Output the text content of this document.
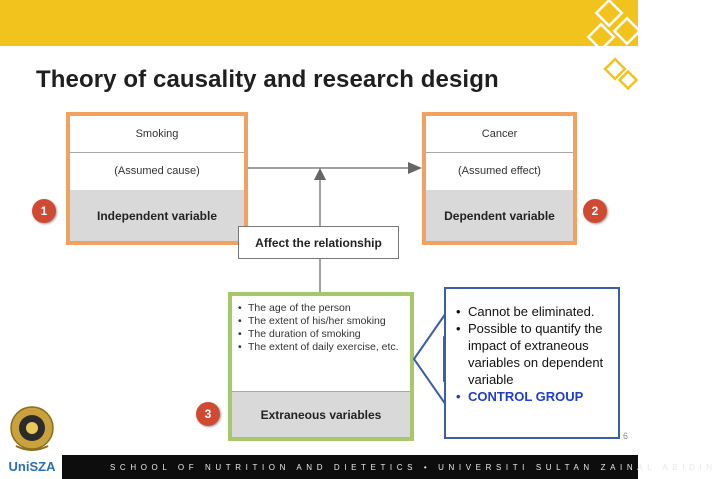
Theory of causality and research design
Smoking
(Assumed cause)
Independent variable
1
Cancer
(Assumed effect)
Dependent variable	2
Affect the relationship
• The age of the person
• The extent of his/her smoking
• The duration of smoking
• The extent of daily exercise, etc.
Extraneous variables
3
• Cannot be eliminated.
• Possible to quantify the impact of extraneous variables on dependent variable
• CONTROL GROUP
6
UniSZA	SCHOOL OF NUTRITION AND DIETETICS • UNIVERSITI SULTAN ZAINAL ABIDIN
